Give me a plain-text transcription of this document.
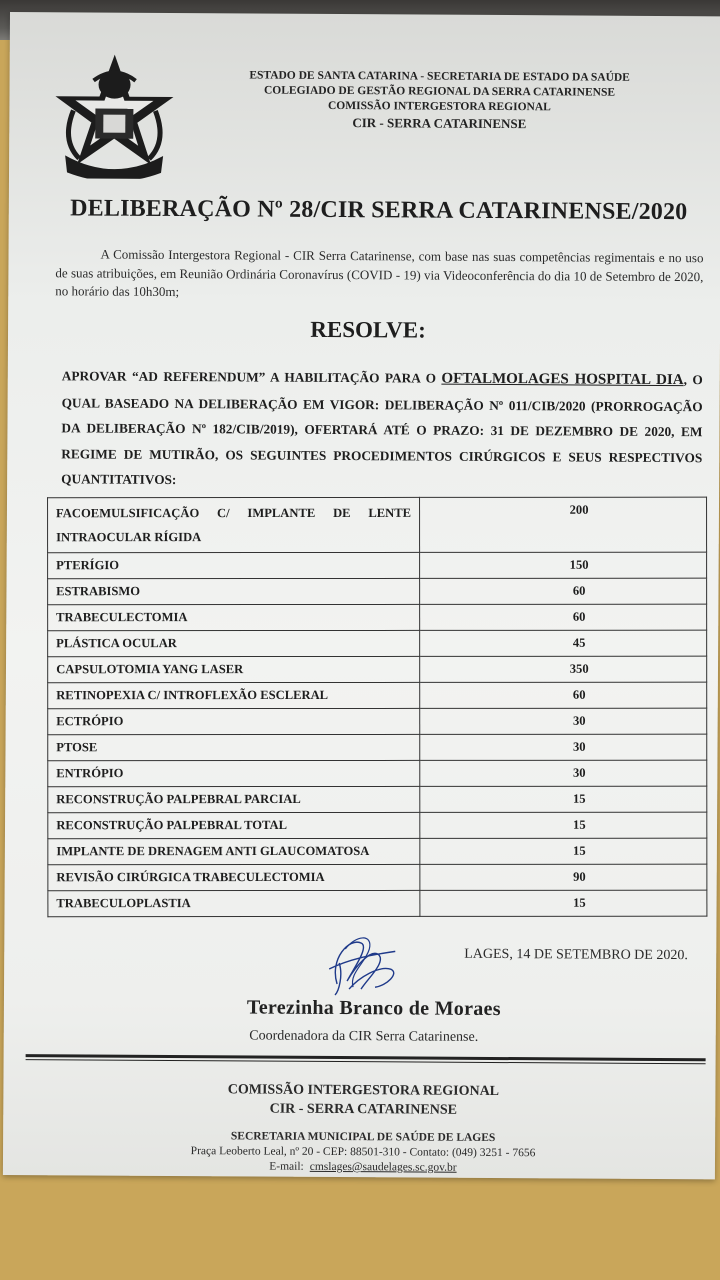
ESTADO DE SANTA CATARINA - SECRETARIA DE ESTADO DA SAÚDE
COLEGIADO DE GESTÃO REGIONAL DA SERRA CATARINENSE
COMISSÃO INTERGESTORA REGIONAL
CIR - SERRA CATARINENSE
DELIBERAÇÃO Nº 28/CIR SERRA CATARINENSE/2020
A Comissão Intergestora Regional - CIR Serra Catarinense, com base nas suas competências regimentais e no uso de suas atribuições, em Reunião Ordinária Coronavírus (COVID - 19) via Videoconferência do dia 10 de Setembro de 2020, no horário das 10h30m;
RESOLVE:
APROVAR “AD REFERENDUM” A HABILITAÇÃO PARA O OFTALMOLAGES HOSPITAL DIA, O QUAL BASEADO NA DELIBERAÇÃO EM VIGOR: DELIBERAÇÃO Nº 011/CIB/2020 (PRORROGAÇÃO DA DELIBERAÇÃO Nº 182/CIB/2019), OFERTARÁ ATÉ O PRAZO: 31 DE DEZEMBRO DE 2020, EM REGIME DE MUTIRÃO, OS SEGUINTES PROCEDIMENTOS CIRÚRGICOS E SEUS RESPECTIVOS QUANTITATIVOS:
FACOEMULSIFICAÇÃO C/ IMPLANTE DE LENTE INTRAOCULAR RÍGIDA	200
PTERÍGIO	150
ESTRABISMO	60
TRABECULECTOMIA	60
PLÁSTICA OCULAR	45
CAPSULOTOMIA YANG LASER	350
RETINOPEXIA C/ INTROFLEXÃO ESCLERAL	60
ECTRÓPIO	30
PTOSE	30
ENTRÓPIO	30
RECONSTRUÇÃO PALPEBRAL PARCIAL	15
RECONSTRUÇÃO PALPEBRAL TOTAL	15
IMPLANTE DE DRENAGEM ANTI GLAUCOMATOSA	15
REVISÃO CIRÚRGICA TRABECULECTOMIA	90
TRABECULOPLASTIA	15
LAGES, 14 DE SETEMBRO DE 2020.
Terezinha Branco de Moraes
Coordenadora da CIR Serra Catarinense.
COMISSÃO INTERGESTORA REGIONAL
CIR - SERRA CATARINENSE
SECRETARIA MUNICIPAL DE SAÚDE DE LAGES
Praça Leoberto Leal, nº 20 - CEP: 88501-310 - Contato: (049) 3251 - 7656
E-mail: cmslages@saudelages.sc.gov.br
